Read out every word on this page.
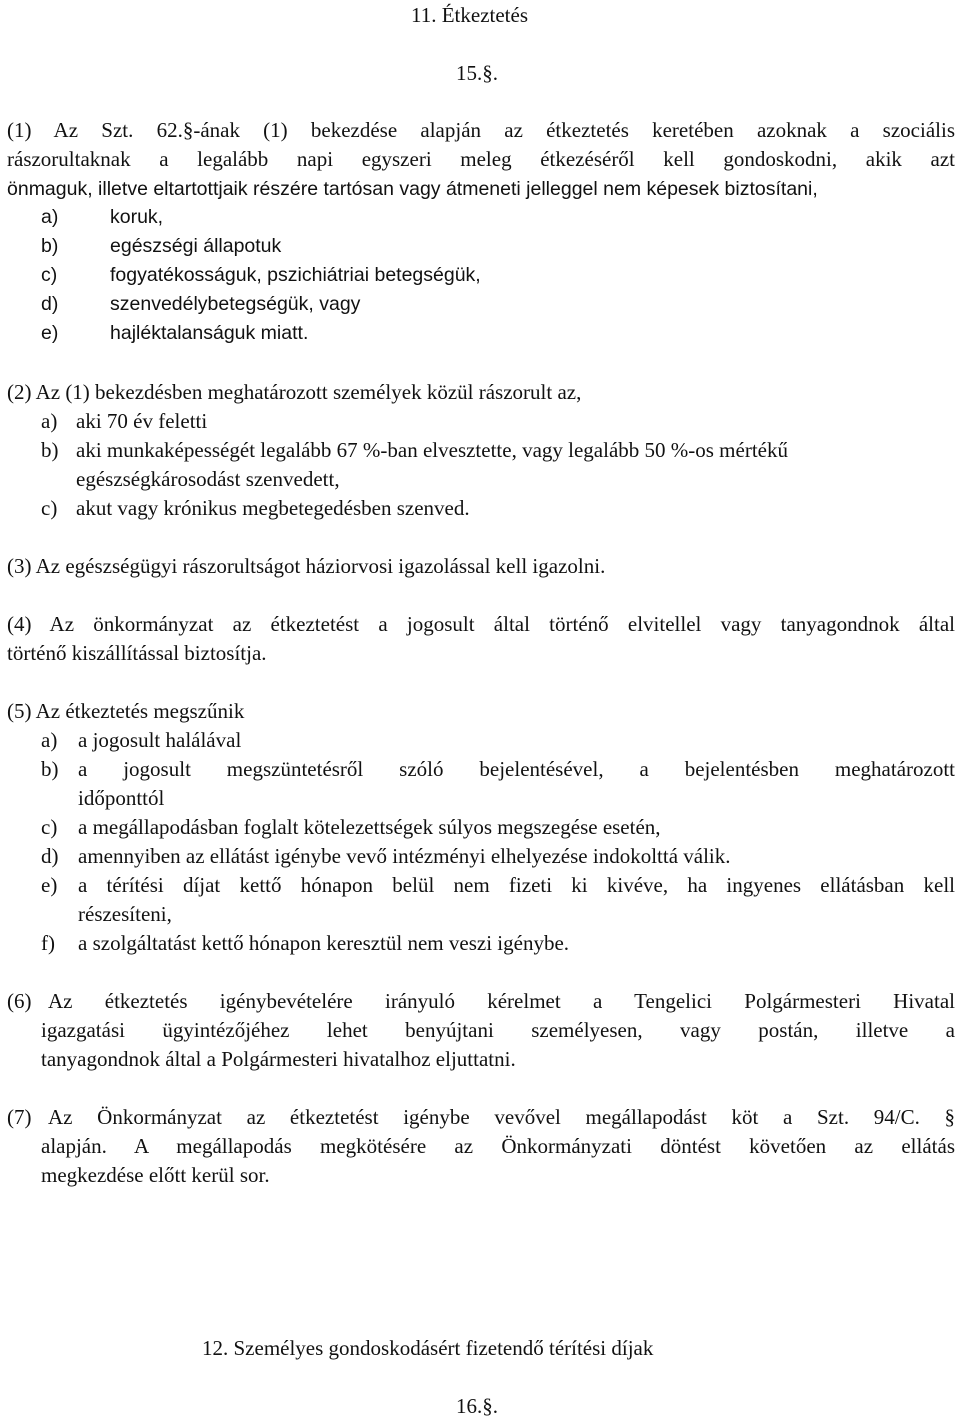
11. Étkeztetés
15.§.
(1) Az Szt. 62.§-ának (1) bekezdése alapján az étkeztetés keretében azoknak a szociális
rászorultaknak a legalább napi egyszeri meleg étkezéséről kell gondoskodni, akik azt
önmaguk, illetve eltartottjaik részére tartósan vagy átmeneti jelleggel nem képesek biztosítani,
a)	koruk,
b)	egészségi állapotuk
c)	fogyatékosságuk, pszichiátriai betegségük,
d)	szenvedélybetegségük, vagy
e)	hajléktalanságuk miatt.
(2) Az (1) bekezdésben meghatározott személyek közül rászorult az,
a) aki 70 év feletti
b) aki munkaképességét legalább 67 %-ban elvesztette, vagy legalább 50 %-os mértékű
egészségkárosodást szenvedett,
c) akut vagy krónikus megbetegedésben szenved.
(3) Az egészségügyi rászorultságot háziorvosi igazolással kell igazolni.
(4) Az önkormányzat az étkeztetést a jogosult által történő elvitellel vagy tanyagondnok által
történő kiszállítással biztosítja.
(5) Az étkeztetés megszűnik
a) a jogosult halálával
b) a jogosult megszüntetésről szóló bejelentésével, a bejelentésben meghatározott
időponttól
c) a megállapodásban foglalt kötelezettségek súlyos megszegése esetén,
d) amennyiben az ellátást igénybe vevő intézményi elhelyezése indokolttá válik.
e) a térítési díjat kettő hónapon belül nem fizeti ki kivéve, ha ingyenes ellátásban kell
részesíteni,
f) a szolgáltatást kettő hónapon keresztül nem veszi igénybe.
(6) Az étkeztetés igénybevételére irányuló kérelmet a Tengelici Polgármesteri Hivatal
igazgatási ügyintézőjéhez lehet benyújtani személyesen, vagy postán, illetve a
tanyagondnok által a Polgármesteri hivatalhoz eljuttatni.
(7) Az Önkormányzat az étkeztetést igénybe vevővel megállapodást köt a Szt. 94/C. §
alapján. A megállapodás megkötésére az Önkormányzati döntést követően az ellátás
megkezdése előtt kerül sor.
12. Személyes gondoskodásért fizetendő térítési díjak
16.§.
